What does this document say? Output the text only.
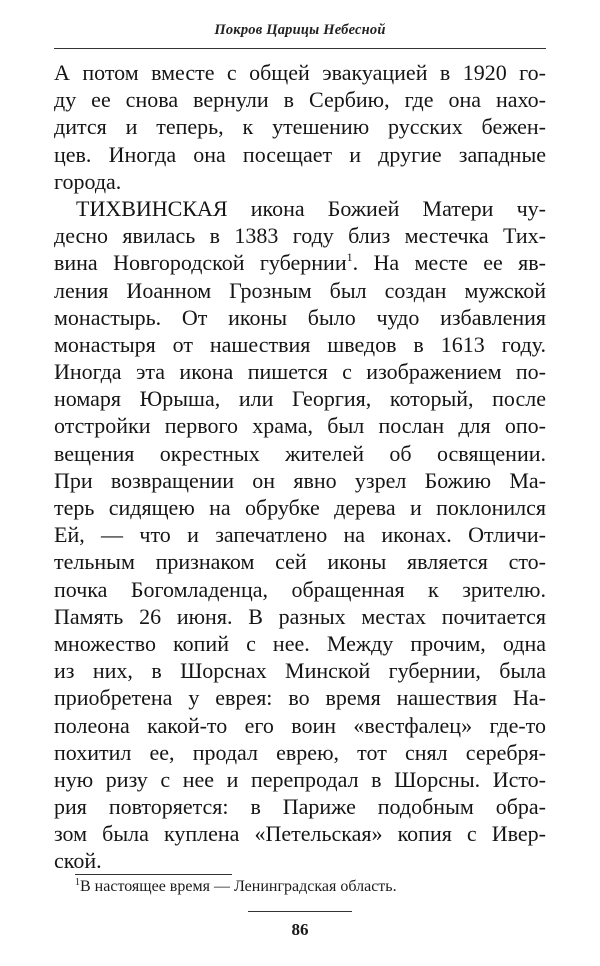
Покров Царицы Небесной
А потом вместе с общей эвакуацией в 1920 го-
ду ее снова вернули в Сербию, где она нахо-
дится и теперь, к утешению русских бежен-
цев. Иногда она посещает и другие западные
города.
ТИХВИНСКАЯ икона Божией Матери чу-
десно явилась в 1383 году близ местечка Тих-
вина Новгородской губернии$^1$. На месте ее яв-
ления Иоанном Грозным был создан мужской
монастырь. От иконы было чудо избавления
монастыря от нашествия шведов в 1613 году.
Иногда эта икона пишется с изображением по-
номаря Юрыша, или Георгия, который, после
отстройки первого храма, был послан для опо-
вещения окрестных жителей об освящении.
При возвращении он явно узрел Божию Ма-
терь сидящею на обрубке дерева и поклонился
Ей, — что и запечатлено на иконах. Отличи-
тельным признаком сей иконы является сто-
почка Богомладенца, обращенная к зрителю.
Память 26 июня. В разных местах почитается
множество копий с нее. Между прочим, одна
из них, в Шорснах Минской губернии, была
приобретена у еврея: во время нашествия На-
полеона какой-то его воин «вестфалец» где-то
похитил ее, продал еврею, тот снял серебря-
ную ризу с нее и перепродал в Шорсны. Исто-
рия повторяется: в Париже подобным обра-
зом была куплена «Петельская» копия с Ивер-
ской.
$^1$В настоящее время — Ленинградская область.
86
